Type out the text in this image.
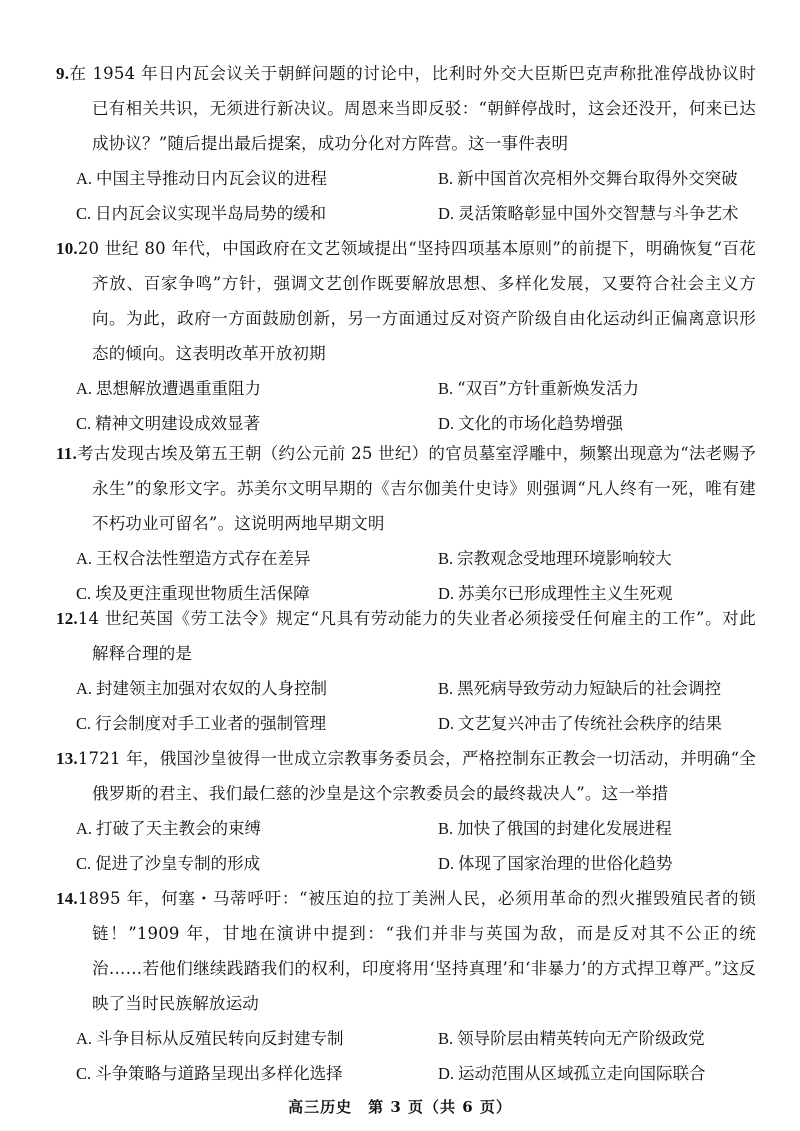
9.在 1954 年日内瓦会议关于朝鲜问题的讨论中，比利时外交大臣斯巴克声称批准停战协议时已有相关共识，无须进行新决议。周恩来当即反驳：“朝鲜停战时，这会还没开，何来已达成协议？”随后提出最后提案，成功分化对方阵营。这一事件表明

A. 中国主导推动日内瓦会议的进程	B. 新中国首次亮相外交舞台取得外交突破
C. 日内瓦会议实现半岛局势的缓和	D. 灵活策略彰显中国外交智慧与斗争艺术

10.20 世纪 80 年代，中国政府在文艺领域提出“坚持四项基本原则”的前提下，明确恢复“百花齐放、百家争鸣”方针，强调文艺创作既要解放思想、多样化发展，又要符合社会主义方向。为此，政府一方面鼓励创新，另一方面通过反对资产阶级自由化运动纠正偏离意识形态的倾向。这表明改革开放初期

A. 思想解放遭遇重重阻力	B. “双百”方针重新焕发活力
C. 精神文明建设成效显著	D. 文化的市场化趋势增强

11.考古发现古埃及第五王朝（约公元前 25 世纪）的官员墓室浮雕中，频繁出现意为“法老赐予永生”的象形文字。苏美尔文明早期的《吉尔伽美什史诗》则强调“凡人终有一死，唯有建不朽功业可留名”。这说明两地早期文明

A. 王权合法性塑造方式存在差异	B. 宗教观念受地理环境影响较大
C. 埃及更注重现世物质生活保障	D. 苏美尔已形成理性主义生死观

12.14 世纪英国《劳工法令》规定“凡具有劳动能力的失业者必须接受任何雇主的工作”。对此解释合理的是

A. 封建领主加强对农奴的人身控制	B. 黑死病导致劳动力短缺后的社会调控
C. 行会制度对手工业者的强制管理	D. 文艺复兴冲击了传统社会秩序的结果

13.1721 年，俄国沙皇彼得一世成立宗教事务委员会，严格控制东正教会一切活动，并明确“全俄罗斯的君主、我们最仁慈的沙皇是这个宗教委员会的最终裁决人”。这一举措

A. 打破了天主教会的束缚	B. 加快了俄国的封建化发展进程
C. 促进了沙皇专制的形成	D. 体现了国家治理的世俗化趋势

14.1895 年，何塞・马蒂呼吁：“被压迫的拉丁美洲人民，必须用革命的烈火摧毁殖民者的锁链！”1909 年，甘地在演讲中提到：“我们并非与英国为敌，而是反对其不公正的统治……若他们继续践踏我们的权利，印度将用‘坚持真理’和‘非暴力’的方式捍卫尊严。”这反映了当时民族解放运动

A. 斗争目标从反殖民转向反封建专制	B. 领导阶层由精英转向无产阶级政党
C. 斗争策略与道路呈现出多样化选择	D. 运动范围从区域孤立走向国际联合
高三历史　第 3 页（共 6 页）
